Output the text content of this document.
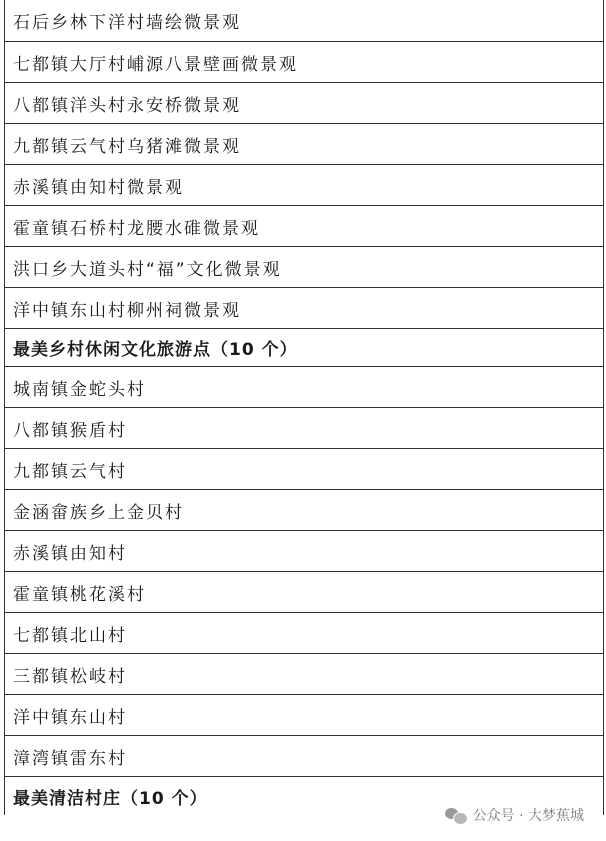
石后乡林下洋村墙绘微景观
七都镇大厅村峬源八景壁画微景观
八都镇洋头村永安桥微景观
九都镇云气村乌猪滩微景观
赤溪镇由知村微景观
霍童镇石桥村龙腰水碓微景观
洪口乡大道头村“福”文化微景观
洋中镇东山村柳州祠微景观
最美乡村休闲文化旅游点（10 个）
城南镇金蛇头村
八都镇猴盾村
九都镇云气村
金涵畲族乡上金贝村
赤溪镇由知村
霍童镇桃花溪村
七都镇北山村
三都镇松岐村
洋中镇东山村
漳湾镇雷东村
最美清洁村庄（10 个）
公众号 · 大梦蕉城
